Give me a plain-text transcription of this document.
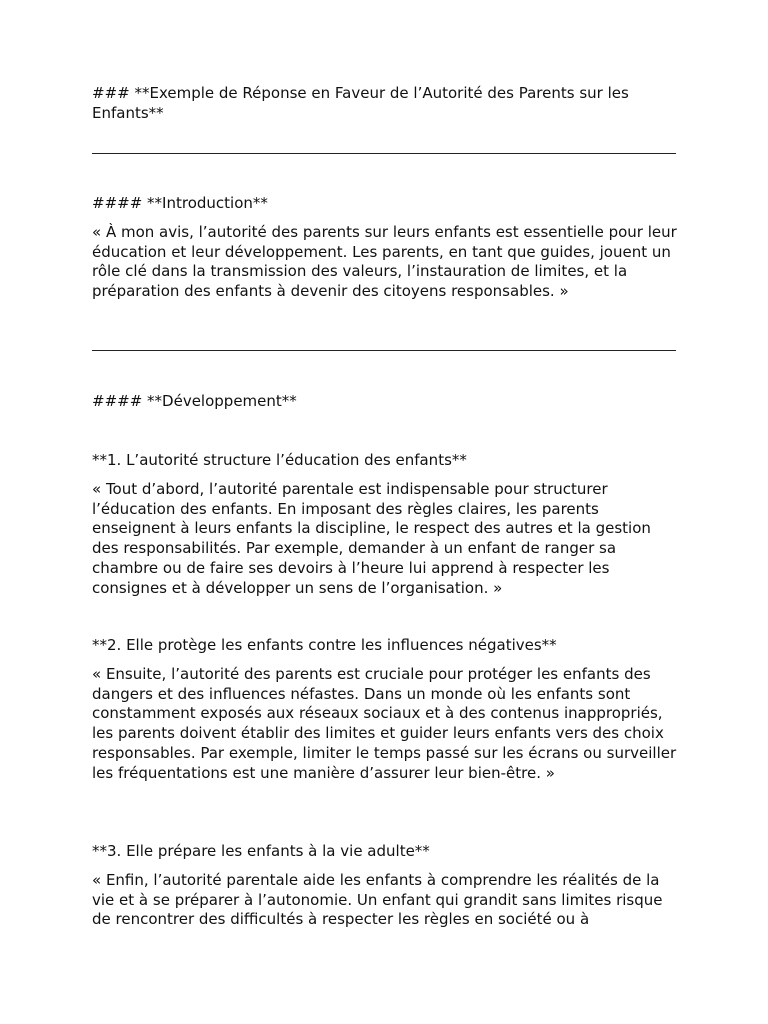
### **Exemple de Réponse en Faveur de l’Autorité des Parents sur les Enfants**

#### **Introduction**

« À mon avis, l’autorité des parents sur leurs enfants est essentielle pour leur éducation et leur développement. Les parents, en tant que guides, jouent un rôle clé dans la transmission des valeurs, l’instauration de limites, et la préparation des enfants à devenir des citoyens responsables. »

#### **Développement**

**1. L’autorité structure l’éducation des enfants**

« Tout d’abord, l’autorité parentale est indispensable pour structurer l’éducation des enfants. En imposant des règles claires, les parents enseignent à leurs enfants la discipline, le respect des autres et la gestion des responsabilités. Par exemple, demander à un enfant de ranger sa chambre ou de faire ses devoirs à l’heure lui apprend à respecter les consignes et à développer un sens de l’organisation. »

**2. Elle protège les enfants contre les influences négatives**

« Ensuite, l’autorité des parents est cruciale pour protéger les enfants des dangers et des influences néfastes. Dans un monde où les enfants sont constamment exposés aux réseaux sociaux et à des contenus inappropriés, les parents doivent établir des limites et guider leurs enfants vers des choix responsables. Par exemple, limiter le temps passé sur les écrans ou surveiller les fréquentations est une manière d’assurer leur bien-être. »

**3. Elle prépare les enfants à la vie adulte**

« Enfin, l’autorité parentale aide les enfants à comprendre les réalités de la vie et à se préparer à l’autonomie. Un enfant qui grandit sans limites risque de rencontrer des difficultés à respecter les règles en société ou à
